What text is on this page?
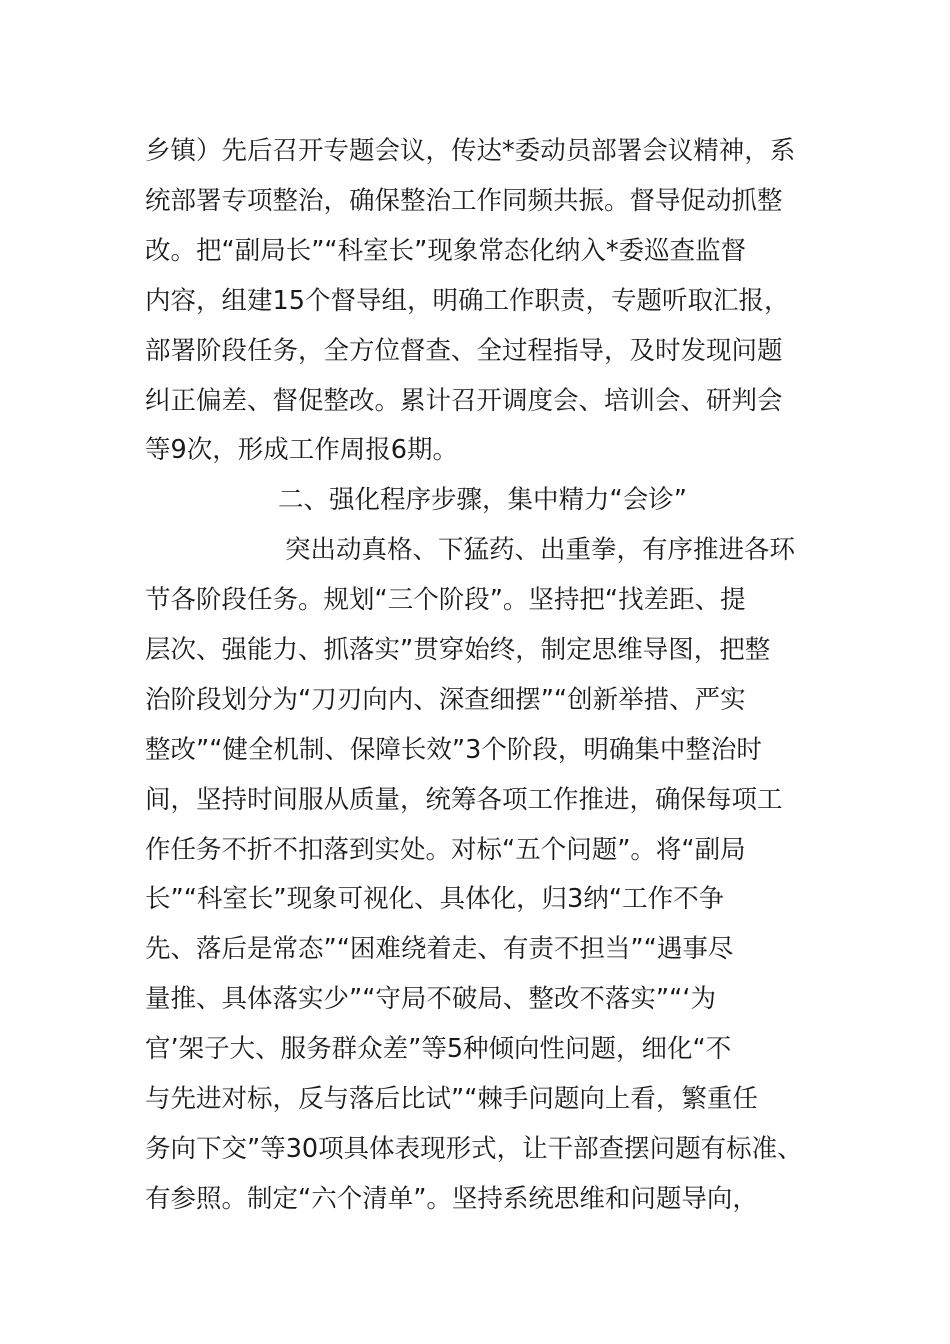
乡镇）先后召开专题会议，传达*委动员部署会议精神，系
统部署专项整治，确保整治工作同频共振。督导促动抓整
改。把“副局长”“科室长”现象常态化纳入*委巡查监督
内容，组建15个督导组，明确工作职责，专题听取汇报，
部署阶段任务，全方位督查、全过程指导，及时发现问题
纠正偏差、督促整改。累计召开调度会、培训会、研判会
等9次，形成工作周报6期。
二、强化程序步骤，集中精力“会诊”
突出动真格、下猛药、出重拳，有序推进各环
节各阶段任务。规划“三个阶段”。坚持把“找差距、提
层次、强能力、抓落实”贯穿始终，制定思维导图，把整
治阶段划分为“刀刃向内、深查细摆”“创新举措、严实
整改”“健全机制、保障长效”3个阶段，明确集中整治时
间，坚持时间服从质量，统筹各项工作推进，确保每项工
作任务不折不扣落到实处。对标“五个问题”。将“副局
长”“科室长”现象可视化、具体化，归3纳“工作不争
先、落后是常态”“困难绕着走、有责不担当”“遇事尽
量推、具体落实少”“守局不破局、整改不落实”“‘为
官’架子大、服务群众差”等5种倾向性问题，细化“不
与先进对标，反与落后比试”“棘手问题向上看，繁重任
务向下交”等30项具体表现形式，让干部查摆问题有标准、
有参照。制定“六个清单”。坚持系统思维和问题导向，
